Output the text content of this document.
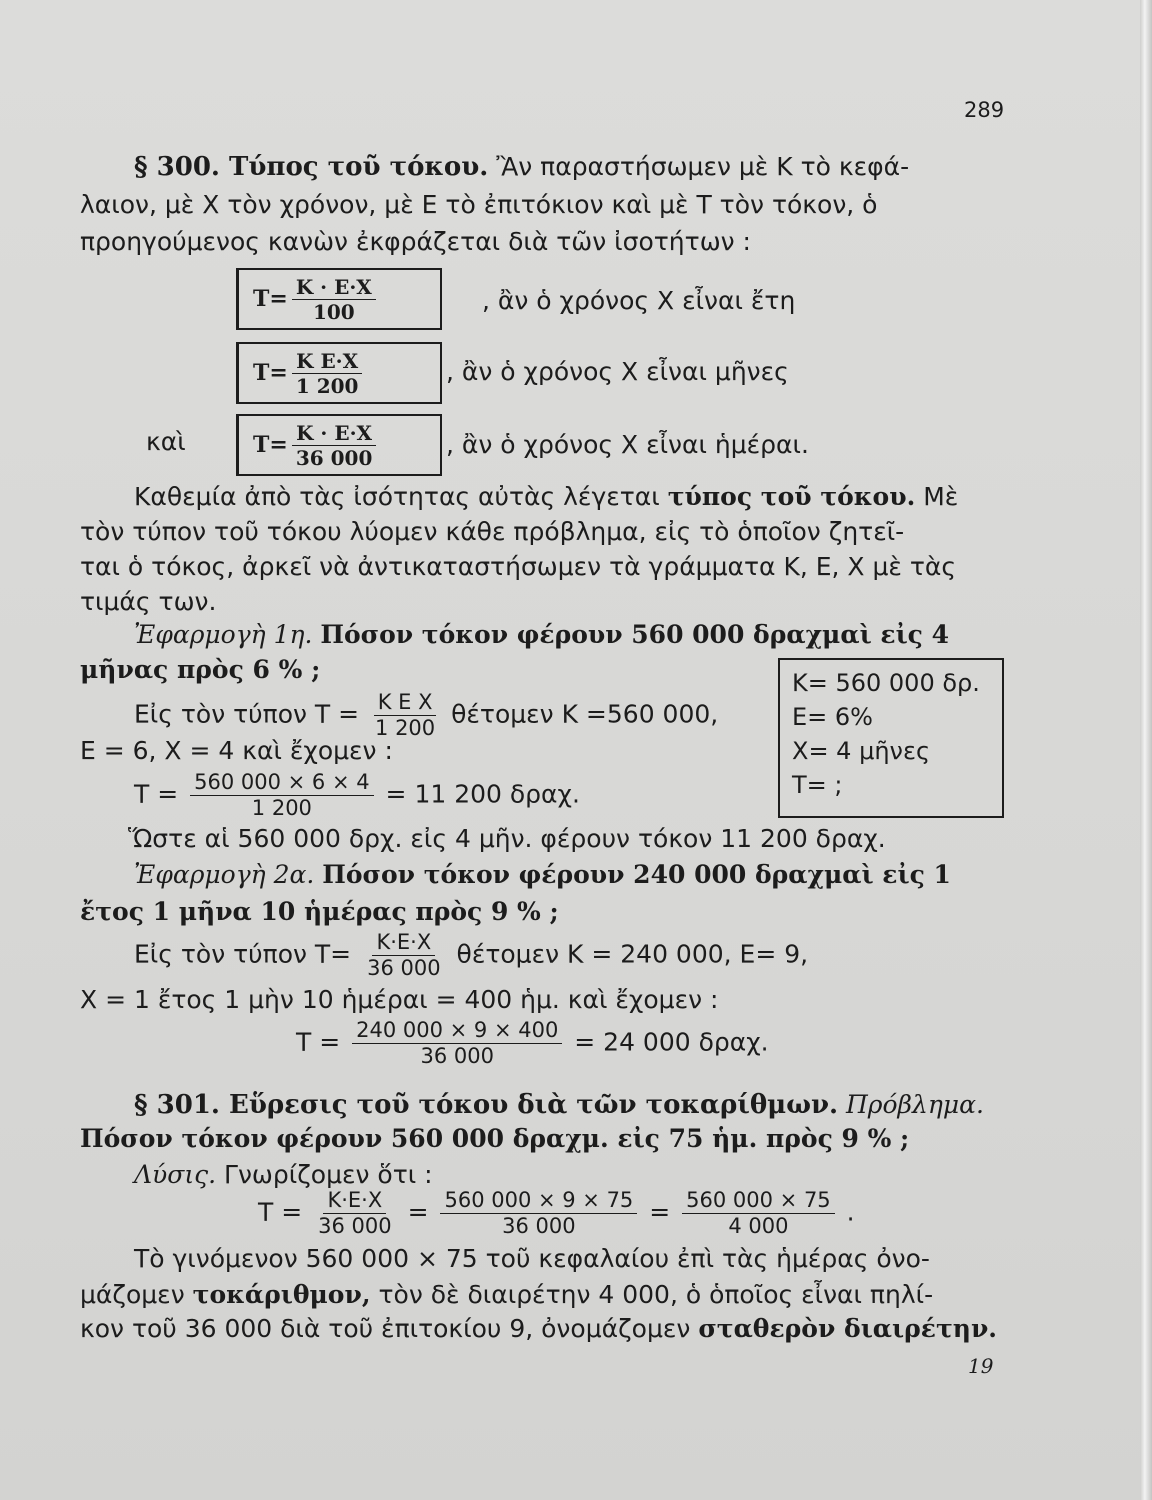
289
§ 300. Τύπος τοῦ τόκου. Ἂν παραστήσωμεν μὲ Κ τὸ κεφά-
λαιον, μὲ Χ τὸν χρόνον, μὲ Ε τὸ ἐπιτόκιον καὶ μὲ Τ τὸν τόκον, ὁ
προηγούμενος κανὼν ἐκφράζεται διὰ τῶν ἰσοτήτων :
$T= \frac{K \cdot E\cdot X}{100}$	, ἂν ὁ χρόνος Χ εἶναι ἔτη
$T= \frac{\text{Κ Ε·Χ}}{1 200}$	, ἂν ὁ χρόνος Χ εἶναι μῆνες
καὶ	$T= \frac{K \cdot E\cdot X}{36 000}$	, ἂν ὁ χρόνος Χ εἶναι ἡμέραι.
Καθεμία ἀπὸ τὰς ἰσότητας αὐτὰς λέγεται τύπος τοῦ τόκου. Μὲ
τὸν τύπον τοῦ τόκου λύομεν κάθε πρόβλημα, εἰς τὸ ὁποῖον ζητεῖ-
ται ὁ τόκος, ἀρκεῖ νὰ ἀντικαταστήσωμεν τὰ γράμματα Κ, Ε, Χ μὲ τὰς
τιμάς των.
Ἐφαρμογὴ 1η. Πόσον τόκον φέρουν 560 000 δραχμαὶ εἰς 4
μῆνας πρὸς 6 % ;
Εἰς τὸν τύπον $T = \frac{\text{Κ Ε Χ}}{1 200}$ θέτομεν Κ =560 000,
Ε = 6, Χ = 4 καὶ ἔχομεν :
$T = \frac{560 000 \times 6 \times 4}{1 200} = 11$ 200 δραχ.
Κ= 560 000 δρ.
Ε= 6%
Χ= 4 μῆνες
Τ= ;
Ὥστε αἱ 560 000 δρχ. εἰς 4 μῆν. φέρουν τόκον 11 200 δραχ.
Ἐφαρμογὴ 2α. Πόσον τόκον φέρουν 240 000 δραχμαὶ εἰς 1
ἔτος 1 μῆνα 10 ἡμέρας πρὸς 9 % ;
Εἰς τὸν τύπον $T= \frac{K\cdot E\cdot X}{36 000}$ θέτομεν Κ = 240 000, Ε= 9,
Χ = 1 ἔτος 1 μὴν 10 ἡμέραι = 400 ἡμ. καὶ ἔχομεν :
$T = \frac{240 000 \times 9 \times 400}{36 000} = 24$ 000 δραχ.
§ 301. Εὕρεσις τοῦ τόκου διὰ τῶν τοκαρίθμων. Πρόβλημα.
Πόσον τόκον φέρουν 560 000 δραχμ. εἰς 75 ἡμ. πρὸς 9 % ;
Λύσις. Γνωρίζομεν ὅτι :
$T = \frac{K\cdot E\cdot X}{36 000} = \frac{560 000 \times 9 \times 75}{36 000} = \frac{560 000 \times 75}{4 000}$ .
Τὸ γινόμενον 560 000 × 75 τοῦ κεφαλαίου ἐπὶ τὰς ἡμέρας ὀνο-
μάζομεν τοκάριθμον, τὸν δὲ διαιρέτην 4 000, ὁ ὁποῖος εἶναι πηλί-
κον τοῦ 36 000 διὰ τοῦ ἐπιτοκίου 9, ὀνομάζομεν σταθερὸν διαιρέτην.
19
